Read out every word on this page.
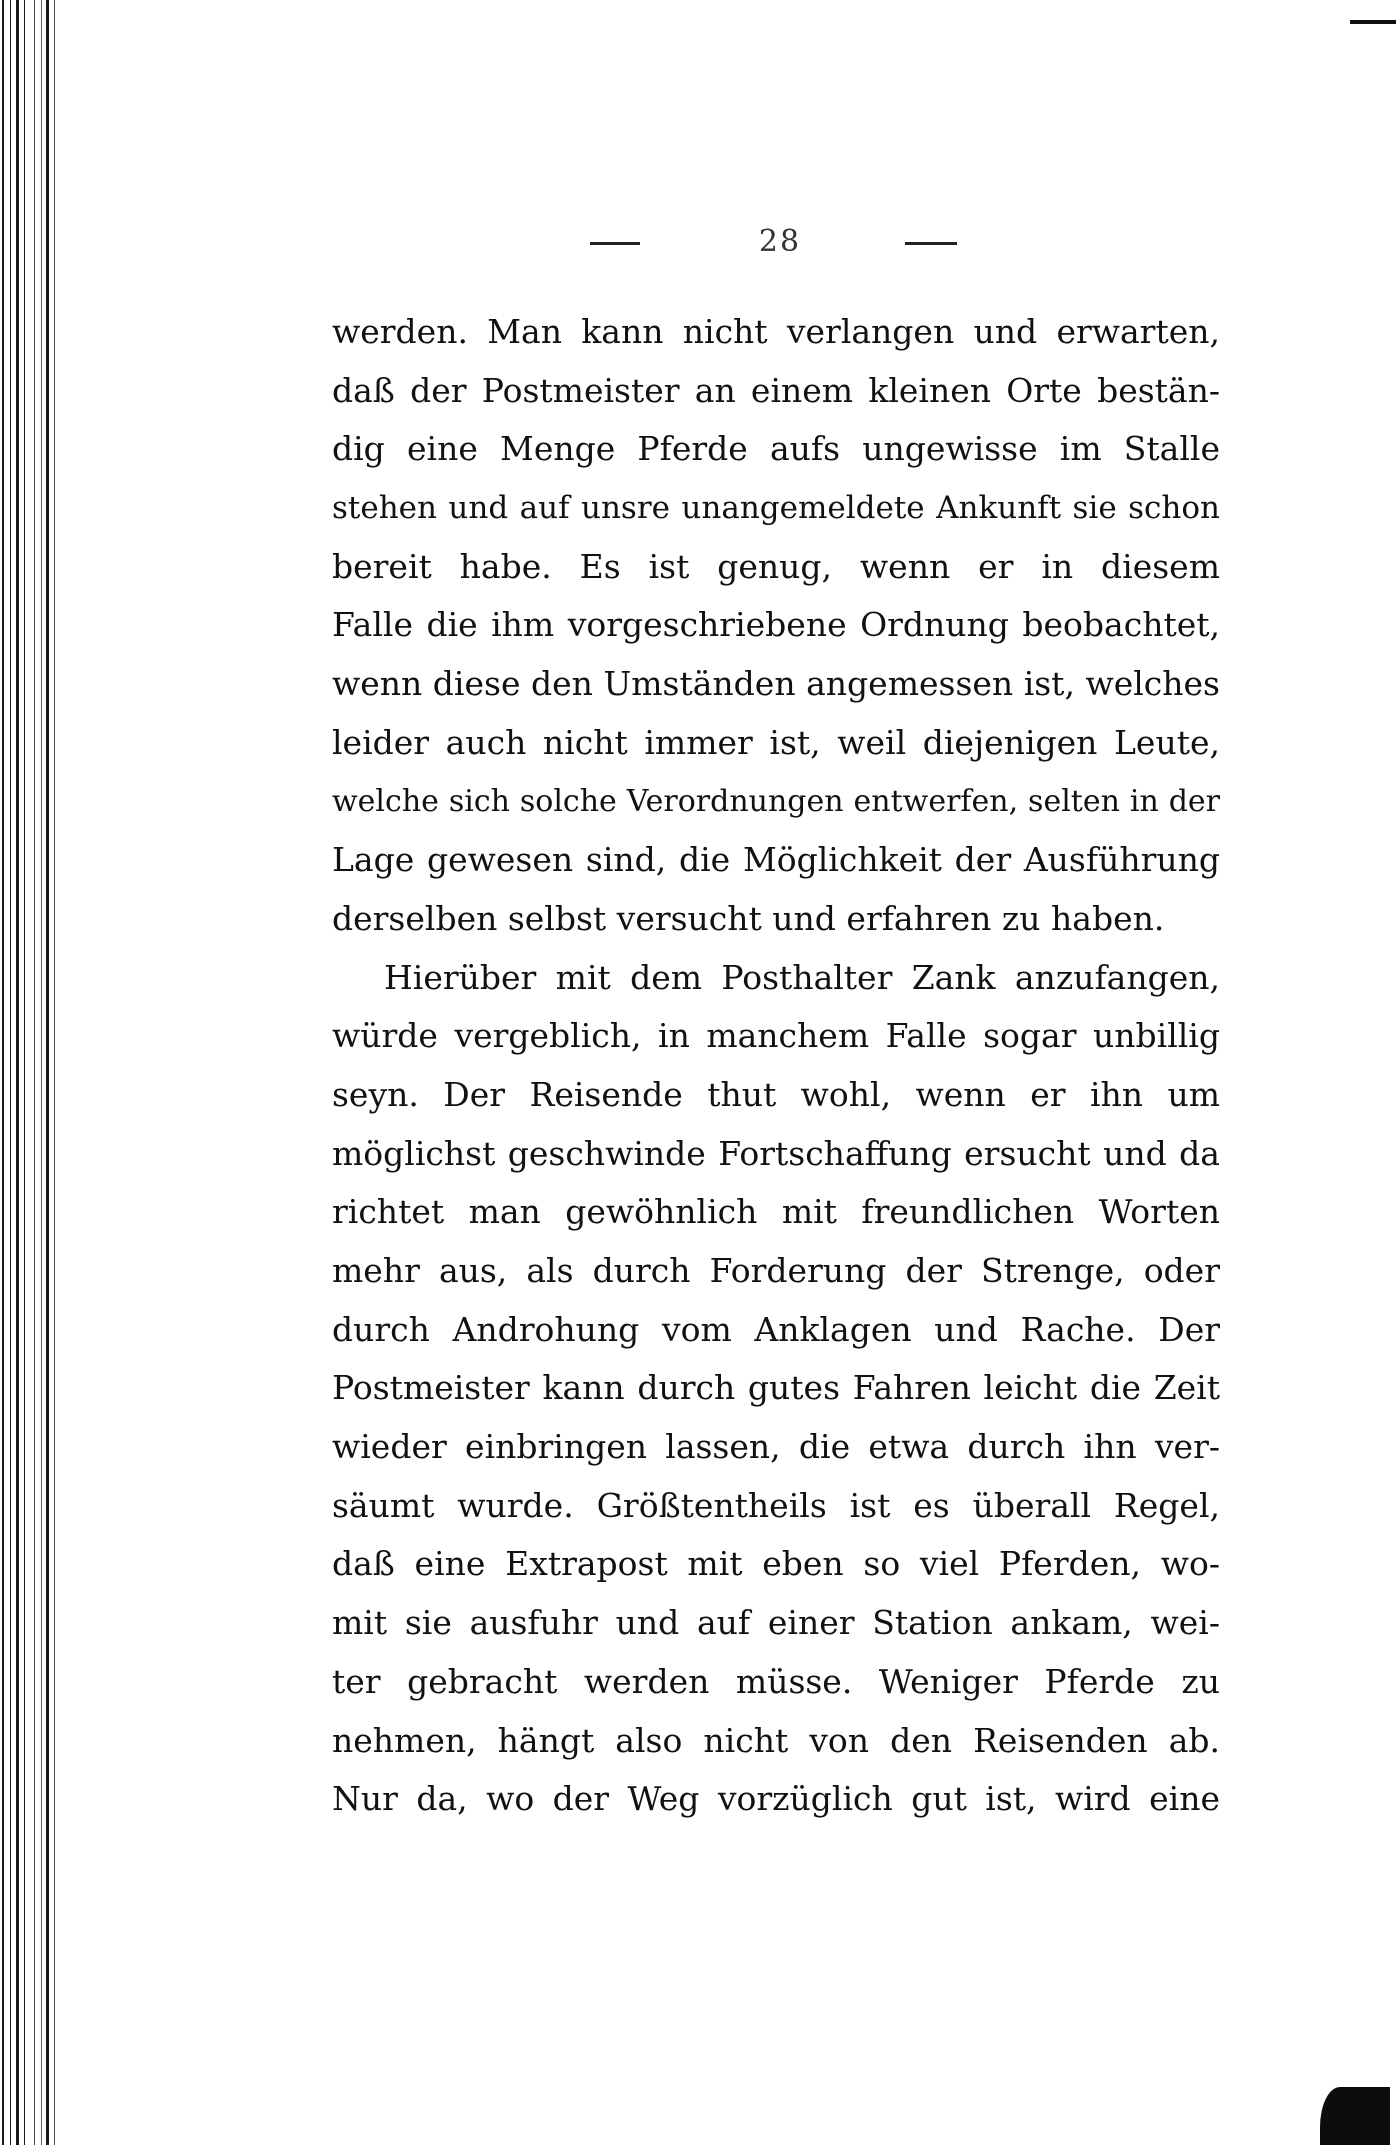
28
werden. Man kann nicht verlangen und erwarten,
daß der Postmeister an einem kleinen Orte bestän-
dig eine Menge Pferde aufs ungewisse im Stalle
stehen und auf unsre unangemeldete Ankunft sie schon
bereit habe. Es ist genug, wenn er in diesem
Falle die ihm vorgeschriebene Ordnung beobachtet,
wenn diese den Umständen angemessen ist, welches
leider auch nicht immer ist, weil diejenigen Leute,
welche sich solche Verordnungen entwerfen, selten in der
Lage gewesen sind, die Möglichkeit der Ausführung
derselben selbst versucht und erfahren zu haben.
Hierüber mit dem Posthalter Zank anzufangen,
würde vergeblich, in manchem Falle sogar unbillig
seyn. Der Reisende thut wohl, wenn er ihn um
möglichst geschwinde Fortschaffung ersucht und da
richtet man gewöhnlich mit freundlichen Worten
mehr aus, als durch Forderung der Strenge, oder
durch Androhung vom Anklagen und Rache. Der
Postmeister kann durch gutes Fahren leicht die Zeit
wieder einbringen lassen, die etwa durch ihn ver-
säumt wurde. Größtentheils ist es überall Regel,
daß eine Extrapost mit eben so viel Pferden, wo-
mit sie ausfuhr und auf einer Station ankam, wei-
ter gebracht werden müsse. Weniger Pferde zu
nehmen, hängt also nicht von den Reisenden ab.
Nur da, wo der Weg vorzüglich gut ist, wird eine
